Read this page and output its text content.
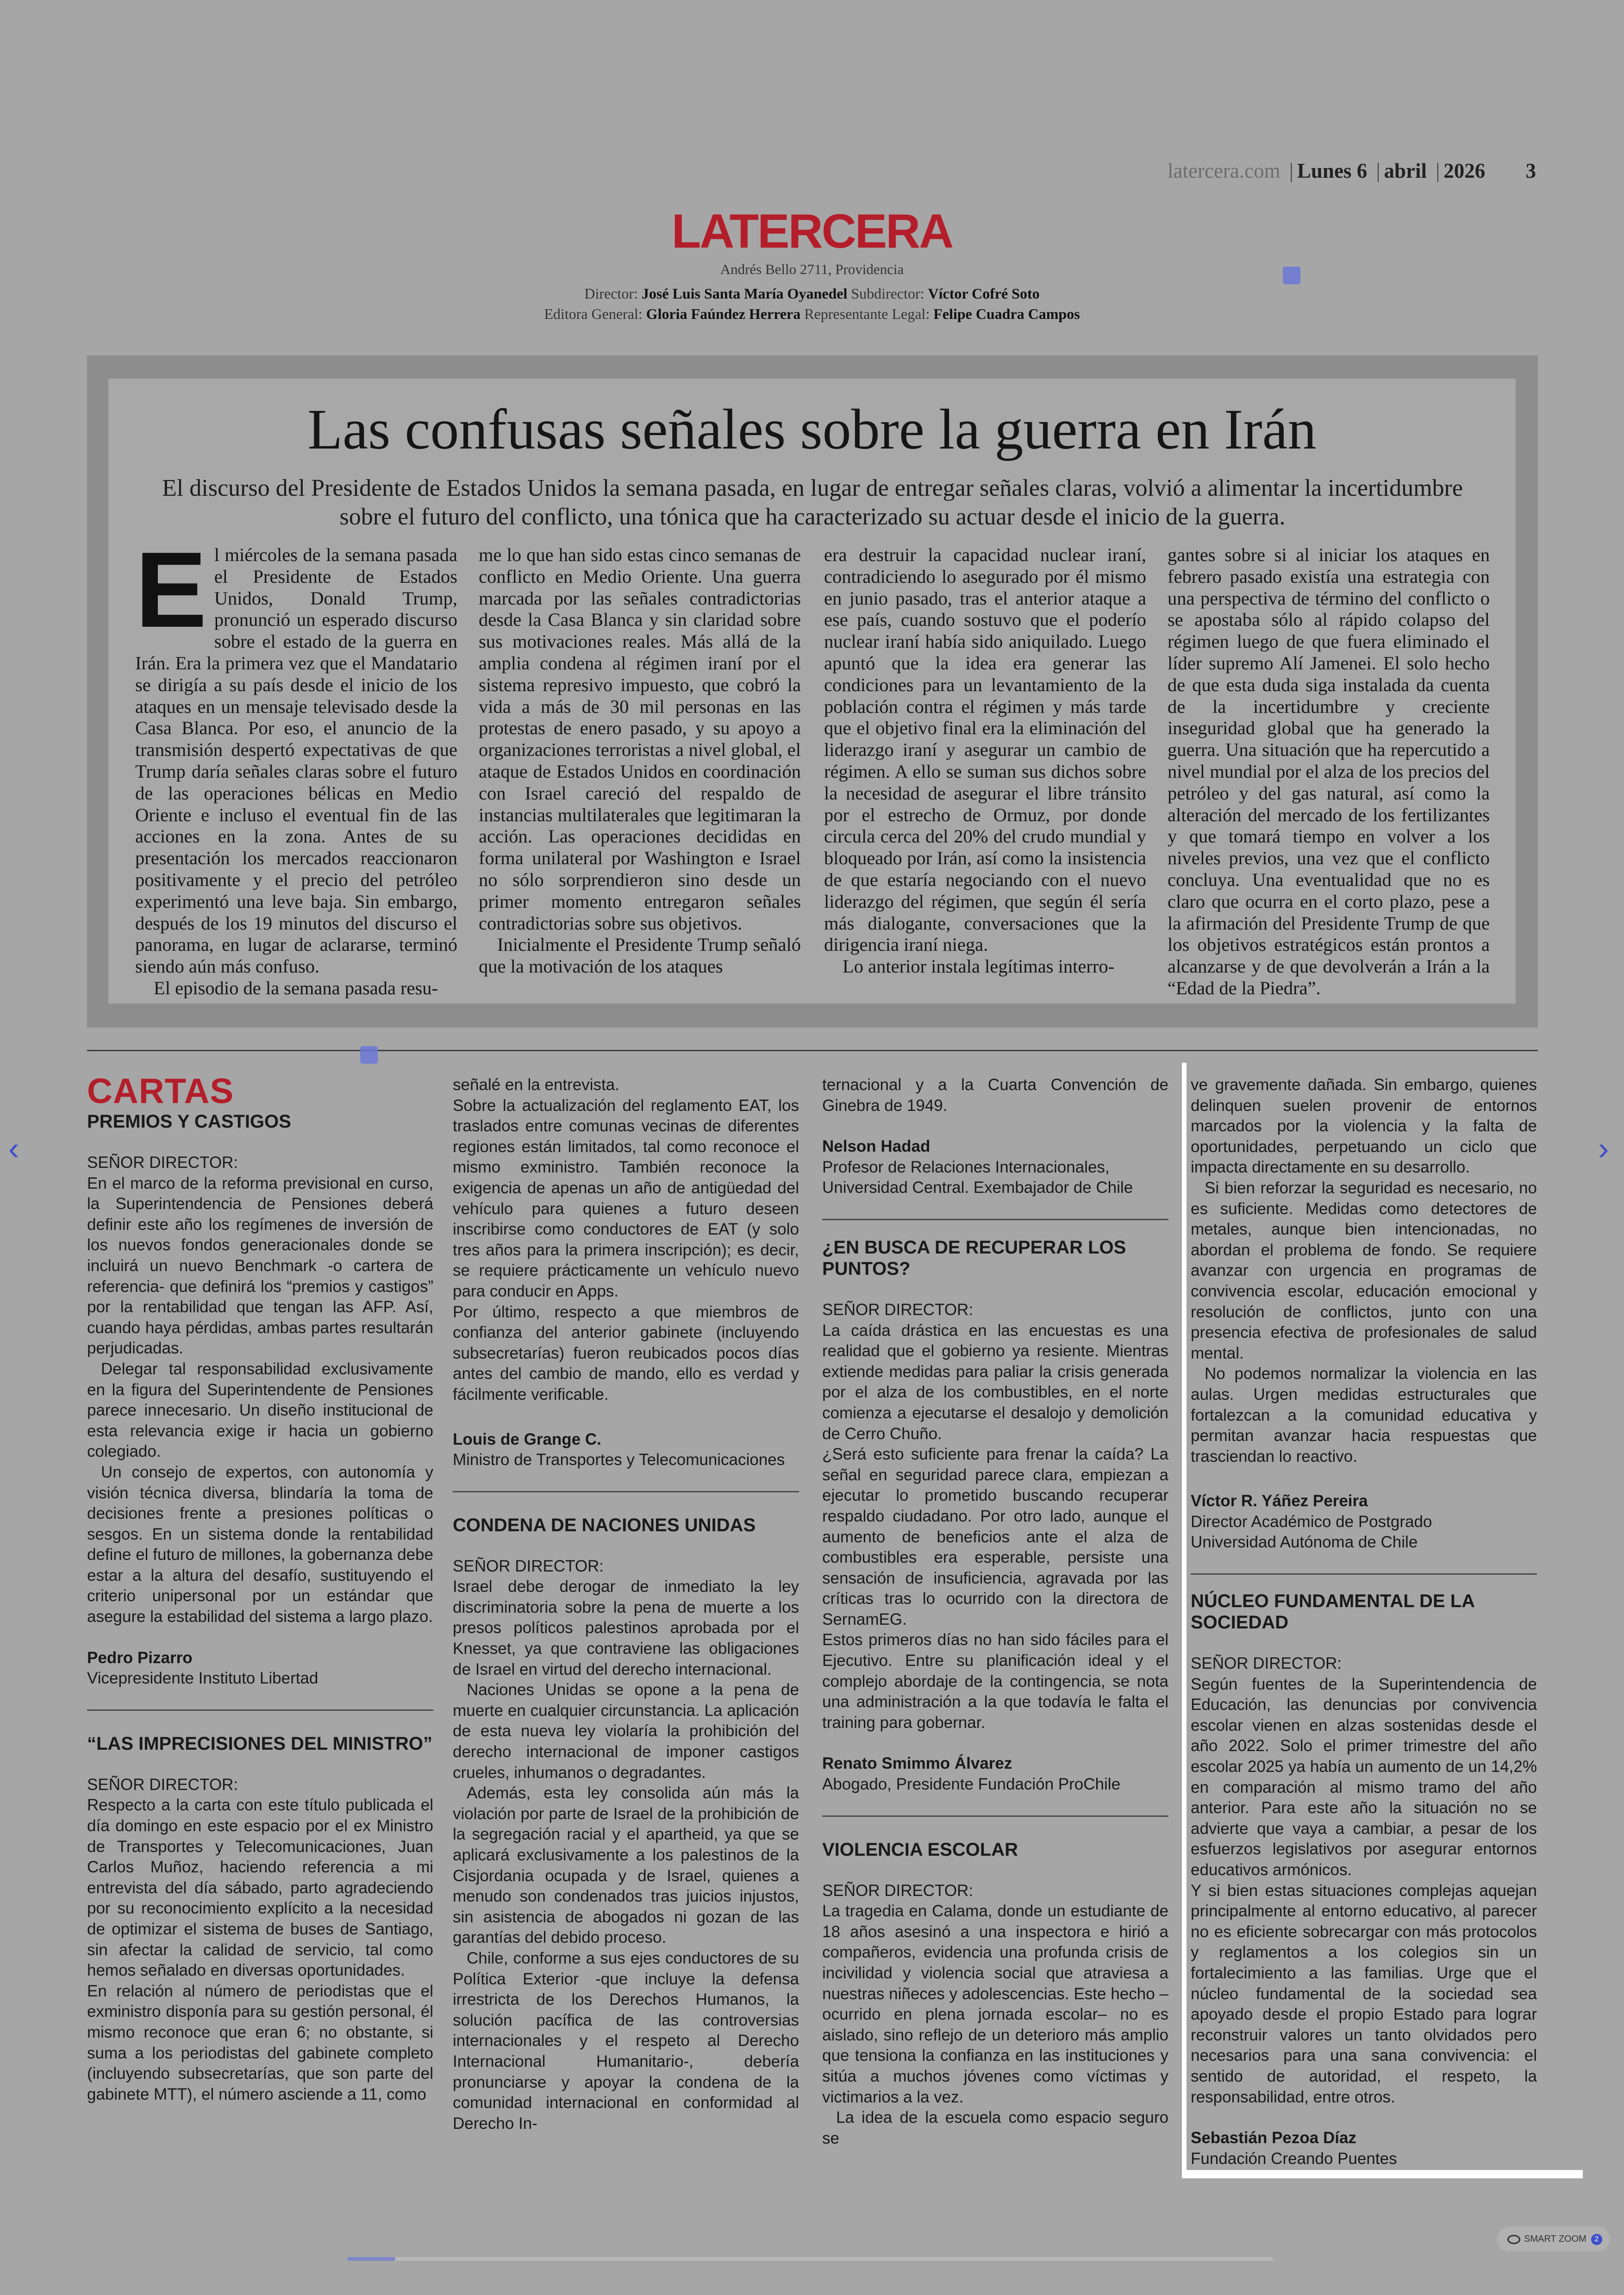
latercera.com | Lunes 6 | abril | 2026 3
LATERCERA
Andrés Bello 2711, Providencia
Director: José Luis Santa María Oyanedel Subdirector: Víctor Cofré Soto
Editora General: Gloria Faúndez Herrera Representante Legal: Felipe Cuadra Campos
Las confusas señales sobre la guerra en Irán
El discurso del Presidente de Estados Unidos la semana pasada, en lugar de entregar señales claras, volvió a alimentar la incertidumbre sobre el futuro del conflicto, una tónica que ha caracterizado su actuar desde el inicio de la guerra.
E l miércoles de la semana pasada el Presidente de Estados Unidos, Donald Trump, pronunció un esperado discurso sobre el estado de la guerra en Irán. Era la primera vez que el Mandatario se dirigía a su país desde el inicio de los ataques en un mensaje televisado desde la Casa Blanca. Por eso, el anuncio de la transmisión despertó expectativas de que Trump daría señales claras sobre el futuro de las operaciones bélicas en Medio Oriente e incluso el eventual fin de las acciones en la zona. Antes de su presentación los mercados reaccionaron positivamente y el precio del petróleo experimentó una leve baja. Sin embargo, después de los 19 minutos del discurso el panorama, en lugar de aclararse, terminó siendo aún más confuso.

El episodio de la semana pasada resu-

me lo que han sido estas cinco semanas de conflicto en Medio Oriente. Una guerra marcada por las señales contradictorias desde la Casa Blanca y sin claridad sobre sus motivaciones reales. Más allá de la amplia condena al régimen iraní por el sistema represivo impuesto, que cobró la vida a más de 30 mil personas en las protestas de enero pasado, y su apoyo a organizaciones terroristas a nivel global, el ataque de Estados Unidos en coordinación con Israel careció del respaldo de instancias multilaterales que legitimaran la acción. Las operaciones decididas en forma unilateral por Washington e Israel no sólo sorprendieron sino desde un primer momento entregaron señales contradictorias sobre sus objetivos.

Inicialmente el Presidente Trump señaló que la motivación de los ataques

era destruir la capacidad nuclear iraní, contradiciendo lo asegurado por él mismo en junio pasado, tras el anterior ataque a ese país, cuando sostuvo que el poderío nuclear iraní había sido aniquilado. Luego apuntó que la idea era generar las condiciones para un levantamiento de la población contra el régimen y más tarde que el objetivo final era la eliminación del liderazgo iraní y asegurar un cambio de régimen. A ello se suman sus dichos sobre la necesidad de asegurar el libre tránsito por el estrecho de Ormuz, por donde circula cerca del 20% del crudo mundial y bloqueado por Irán, así como la insistencia de que estaría negociando con el nuevo liderazgo del régimen, que según él sería más dialogante, conversaciones que la dirigencia iraní niega.

Lo anterior instala legítimas interro-

gantes sobre si al iniciar los ataques en febrero pasado existía una estrategia con una perspectiva de término del conflicto o se apostaba sólo al rápido colapso del régimen luego de que fuera eliminado el líder supremo Alí Jamenei. El solo hecho de que esta duda siga instalada da cuenta de la incertidumbre y creciente inseguridad global que ha generado la guerra. Una situación que ha repercutido a nivel mundial por el alza de los precios del petróleo y del gas natural, así como la alteración del mercado de los fertilizantes y que tomará tiempo en volver a los niveles previos, una vez que el conflicto concluya. Una eventualidad que no es claro que ocurra en el corto plazo, pese a la afirmación del Presidente Trump de que los objetivos estratégicos están prontos a alcanzarse y de que devolverán a Irán a la “Edad de la Piedra”.

CARTAS
PREMIOS Y CASTIGOS

SEÑOR DIRECTOR:

En el marco de la reforma previsional en curso, la Superintendencia de Pensiones deberá definir este año los regímenes de inversión de los nuevos fondos generacionales donde se incluirá un nuevo Benchmark -o cartera de referencia- que definirá los “premios y castigos” por la rentabilidad que tengan las AFP. Así, cuando haya pérdidas, ambas partes resultarán perjudicadas.

Delegar tal responsabilidad exclusivamente en la figura del Superintendente de Pensiones parece innecesario. Un diseño institucional de esta relevancia exige ir hacia un gobierno colegiado.

Un consejo de expertos, con autonomía y visión técnica diversa, blindaría la toma de decisiones frente a presiones políticas o sesgos. En un sistema donde la rentabilidad define el futuro de millones, la gobernanza debe estar a la altura del desafío, sustituyendo el criterio unipersonal por un estándar que asegure la estabilidad del sistema a largo plazo.

Pedro Pizarro

Vicepresidente Instituto Libertad

“LAS IMPRECISIONES DEL MINISTRO”

SEÑOR DIRECTOR:

Respecto a la carta con este título publicada el día domingo en este espacio por el ex Ministro de Transportes y Telecomunicaciones, Juan Carlos Muñoz, haciendo referencia a mi entrevista del día sábado, parto agradeciendo por su reconocimiento explícito a la necesidad de optimizar el sistema de buses de Santiago, sin afectar la calidad de servicio, tal como hemos señalado en diversas oportunidades.

En relación al número de periodistas que el exministro disponía para su gestión personal, él mismo reconoce que eran 6; no obstante, si suma a los periodistas del gabinete completo (incluyendo subsecretarías, que son parte del gabinete MTT), el número asciende a 11, como

señalé en la entrevista.

Sobre la actualización del reglamento EAT, los traslados entre comunas vecinas de diferentes regiones están limitados, tal como reconoce el mismo exministro. También reconoce la exigencia de apenas un año de antigüedad del vehículo para quienes a futuro deseen inscribirse como conductores de EAT (y solo tres años para la primera inscripción); es decir, se requiere prácticamente un vehículo nuevo para conducir en Apps.

Por último, respecto a que miembros de confianza del anterior gabinete (incluyendo subsecretarías) fueron reubicados pocos días antes del cambio de mando, ello es verdad y fácilmente verificable.

Louis de Grange C.

Ministro de Transportes y Telecomunicaciones

CONDENA DE NACIONES UNIDAS

SEÑOR DIRECTOR:

Israel debe derogar de inmediato la ley discriminatoria sobre la pena de muerte a los presos políticos palestinos aprobada por el Knesset, ya que contraviene las obligaciones de Israel en virtud del derecho internacional.

Naciones Unidas se opone a la pena de muerte en cualquier circunstancia. La aplicación de esta nueva ley violaría la prohibición del derecho internacional de imponer castigos crueles, inhumanos o degradantes.

Además, esta ley consolida aún más la violación por parte de Israel de la prohibición de la segregación racial y el apartheid, ya que se aplicará exclusivamente a los palestinos de la Cisjordania ocupada y de Israel, quienes a menudo son condenados tras juicios injustos, sin asistencia de abogados ni gozan de las garantías del debido proceso.

Chile, conforme a sus ejes conductores de su Política Exterior -que incluye la defensa irrestricta de los Derechos Humanos, la solución pacífica de las controversias internacionales y el respeto al Derecho Internacional Humanitario-, debería pronunciarse y apoyar la condena de la comunidad internacional en conformidad al Derecho In-

ternacional y a la Cuarta Convención de Ginebra de 1949.

Nelson Hadad

Profesor de Relaciones Internacionales,

Universidad Central. Exembajador de Chile

¿EN BUSCA DE RECUPERAR LOS PUNTOS?

SEÑOR DIRECTOR:

La caída drástica en las encuestas es una realidad que el gobierno ya resiente. Mientras extiende medidas para paliar la crisis generada por el alza de los combustibles, en el norte comienza a ejecutarse el desalojo y demolición de Cerro Chuño.

¿Será esto suficiente para frenar la caída? La señal en seguridad parece clara, empiezan a ejecutar lo prometido buscando recuperar respaldo ciudadano. Por otro lado, aunque el aumento de beneficios ante el alza de combustibles era esperable, persiste una sensación de insuficiencia, agravada por las críticas tras lo ocurrido con la directora de SernamEG.

Estos primeros días no han sido fáciles para el Ejecutivo. Entre su planificación ideal y el complejo abordaje de la contingencia, se nota una administración a la que todavía le falta el training para gobernar.

Renato Smimmo Álvarez

Abogado, Presidente Fundación ProChile

VIOLENCIA ESCOLAR

SEÑOR DIRECTOR:

La tragedia en Calama, donde un estudiante de 18 años asesinó a una inspectora e hirió a compañeros, evidencia una profunda crisis de incivilidad y violencia social que atraviesa a nuestras niñeces y adolescencias. Este hecho –ocurrido en plena jornada escolar– no es aislado, sino reflejo de un deterioro más amplio que tensiona la confianza en las instituciones y sitúa a muchos jóvenes como víctimas y victimarios a la vez.

La idea de la escuela como espacio seguro se

ve gravemente dañada. Sin embargo, quienes delinquen suelen provenir de entornos marcados por la violencia y la falta de oportunidades, perpetuando un ciclo que impacta directamente en su desarrollo.

Si bien reforzar la seguridad es necesario, no es suficiente. Medidas como detectores de metales, aunque bien intencionadas, no abordan el problema de fondo. Se requiere avanzar con urgencia en programas de convivencia escolar, educación emocional y resolución de conflictos, junto con una presencia efectiva de profesionales de salud mental.

No podemos normalizar la violencia en las aulas. Urgen medidas estructurales que fortalezcan a la comunidad educativa y permitan avanzar hacia respuestas que trasciendan lo reactivo.

Víctor R. Yáñez Pereira

Director Académico de Postgrado

Universidad Autónoma de Chile

NÚCLEO FUNDAMENTAL DE LA SOCIEDAD

SEÑOR DIRECTOR:

Según fuentes de la Superintendencia de Educación, las denuncias por convivencia escolar vienen en alzas sostenidas desde el año 2022. Solo el primer trimestre del año escolar 2025 ya había un aumento de un 14,2% en comparación al mismo tramo del año anterior. Para este año la situación no se advierte que vaya a cambiar, a pesar de los esfuerzos legislativos por asegurar entornos educativos armónicos.

Y si bien estas situaciones complejas aquejan principalmente al entorno educativo, al parecer no es eficiente sobrecargar con más protocolos y reglamentos a los colegios sin un fortalecimiento a las familias. Urge que el núcleo fundamental de la sociedad sea apoyado desde el propio Estado para lograr reconstruir valores un tanto olvidados pero necesarios para una sana convivencia: el sentido de autoridad, el respeto, la responsabilidad, entre otros.

Sebastián Pezoa Díaz

Fundación Creando Puentes

‹	›
SMART ZOOM 2
